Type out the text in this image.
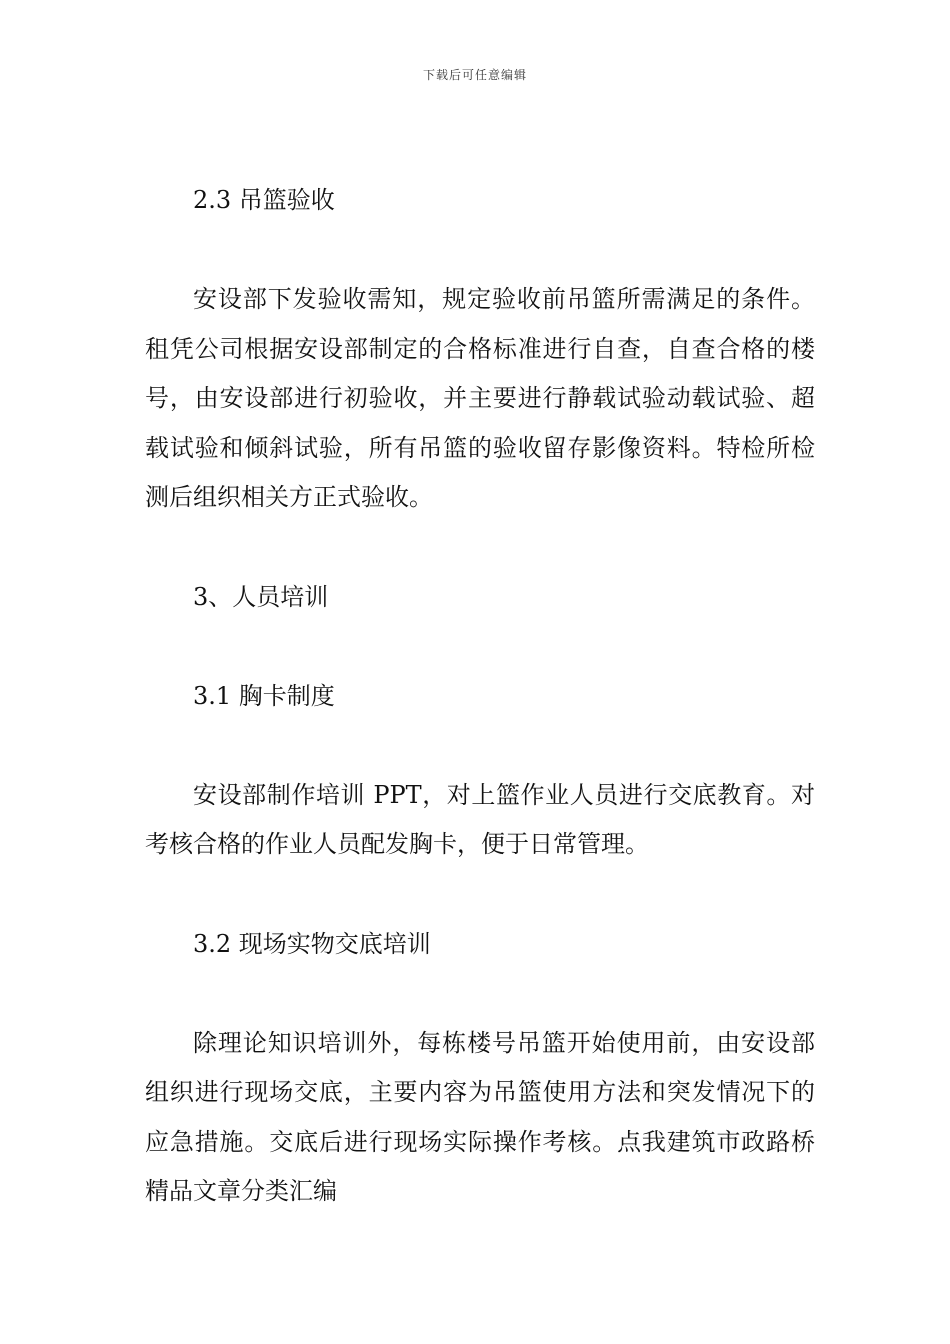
下载后可任意编辑

2.3 吊篮验收

安设部下发验收需知，规定验收前吊篮所需满足的条件。租凭公司根据安设部制定的合格标准进行自查，自查合格的楼号，由安设部进行初验收，并主要进行静载试验动载试验、超载试验和倾斜试验，所有吊篮的验收留存影像资料。特检所检测后组织相关方正式验收。

3、人员培训

3.1 胸卡制度

安设部制作培训 PPT，对上篮作业人员进行交底教育。对考核合格的作业人员配发胸卡，便于日常管理。

3.2 现场实物交底培训

除理论知识培训外，每栋楼号吊篮开始使用前，由安设部组织进行现场交底，主要内容为吊篮使用方法和突发情况下的应急措施。交底后进行现场实际操作考核。点我建筑市政路桥精品文章分类汇编
